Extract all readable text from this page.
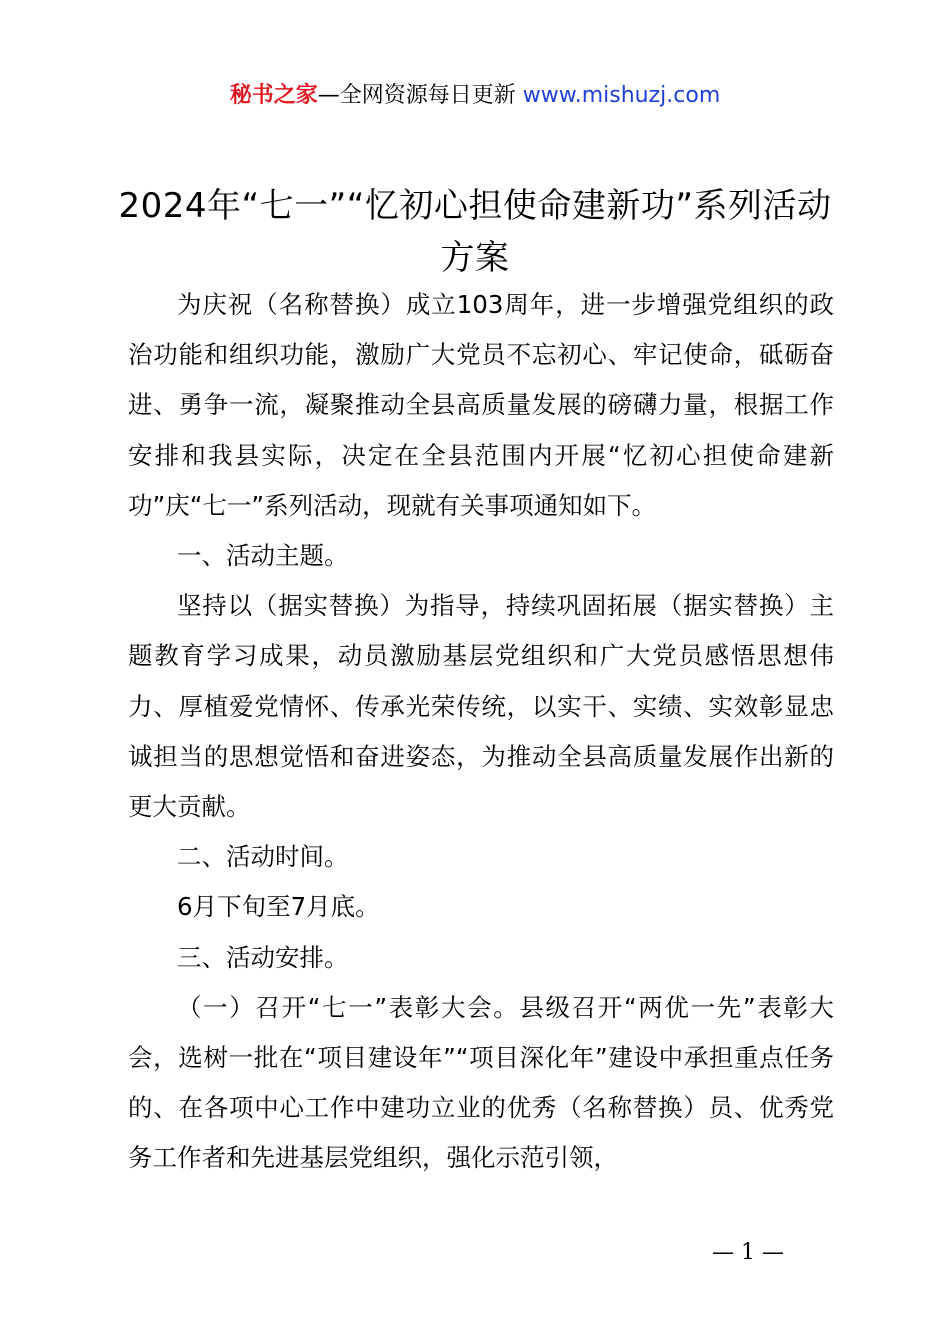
秘书之家—全网资源每日更新 www.mishuzj.com
2024年“七一”“忆初心担使命建新功”系列活动方案

为庆祝（名称替换）成立103周年，进一步增强党组织的政治功能和组织功能，激励广大党员不忘初心、牢记使命，砥砺奋进、勇争一流，凝聚推动全县高质量发展的磅礴力量，根据工作安排和我县实际，决定在全县范围内开展“忆初心担使命建新功”庆“七一”系列活动，现就有关事项通知如下。

一、活动主题。

坚持以（据实替换）为指导，持续巩固拓展（据实替换）主题教育学习成果，动员激励基层党组织和广大党员感悟思想伟力、厚植爱党情怀、传承光荣传统，以实干、实绩、实效彰显忠诚担当的思想觉悟和奋进姿态，为推动全县高质量发展作出新的更大贡献。

二、活动时间。

6月下旬至7月底。

三、活动安排。

（一）召开“七一”表彰大会。县级召开“两优一先”表彰大会，选树一批在“项目建设年”“项目深化年”建设中承担重点任务的、在各项中心工作中建功立业的优秀（名称替换）员、优秀党务工作者和先进基层党组织，强化示范引领，

— 1 —
